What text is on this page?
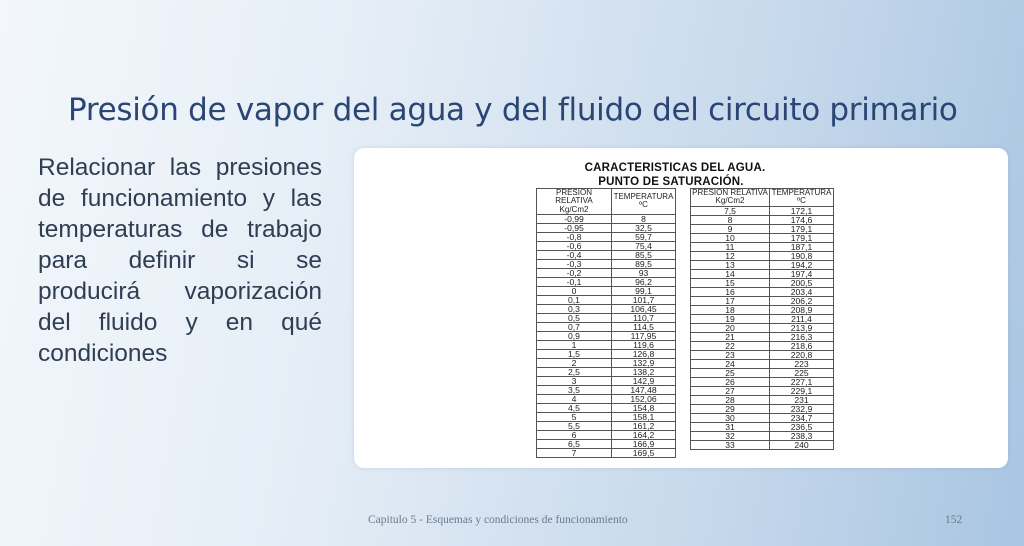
Presión de vapor del agua y del fluido del circuito primario
Relacionar las presiones de funcionamiento y las temperaturas de trabajo para definir si se producirá vaporización del fluido y en qué condiciones
CARACTERISTICAS DEL AGUA.
PUNTO DE SATURACIÓN.
PRESION RELATIVA
Kg/Cm2	TEMPERATURA
ºC
-0,99	8
-0,95	32,5
-0,8	59,7
-0,6	75,4
-0,4	85,5
-0,3	89,5
-0,2	93
-0,1	96,2
0	99,1
0,1	101,7
0,3	106,45
0,5	110,7
0,7	114,5
0,9	117,95
1	119,6
1,5	126,8
2	132,9
2,5	138,2
3	142,9
3,5	147,48
4	152,06
4,5	154,8
5	158,1
5,5	161,2
6	164,2
6,5	166,9
7	169,5
PRESION RELATIVA
Kg/Cm2	TEMPERATURA
ºC
7,5	172,1
8	174,6
9	179,1
10	179,1
11	187,1
12	190,8
13	194,2
14	197,4
15	200,5
16	203,4
17	206,2
18	208,9
19	211,4
20	213,9
21	216,3
22	218,6
23	220,8
24	223
25	225
26	227,1
27	229,1
28	231
29	232,9
30	234,7
31	236,5
32	238,3
33	240
Capitulo 5 - Esquemas y condiciones de funcionamiento	152
